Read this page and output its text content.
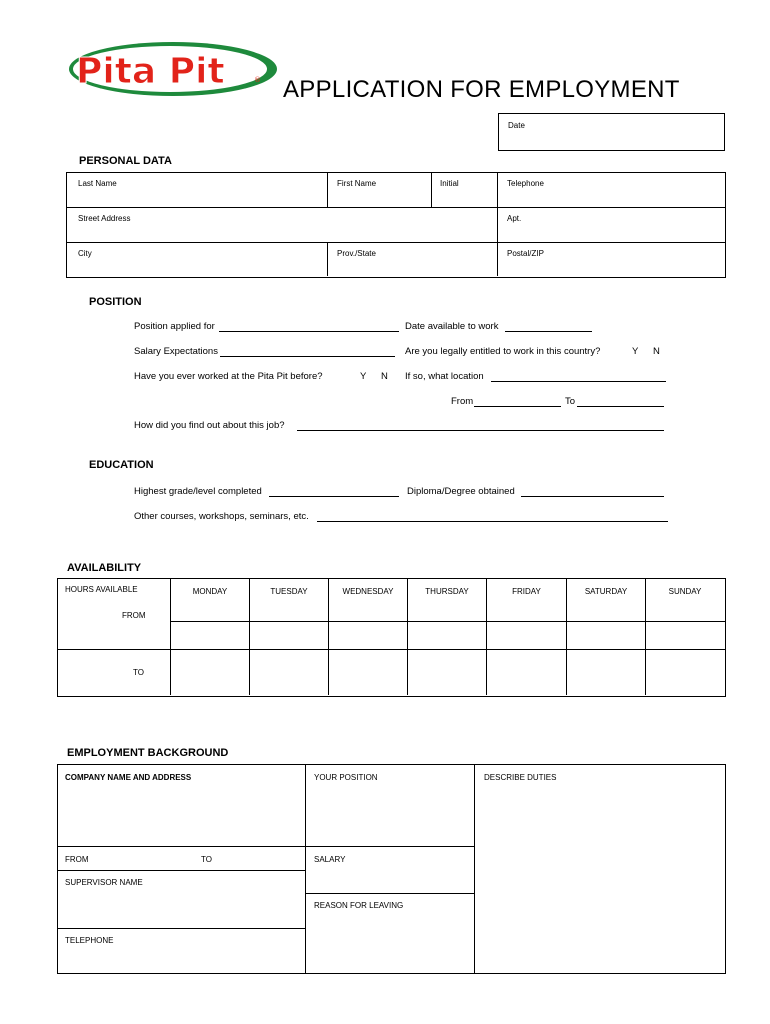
Pita Pit	® APPLICATION FOR EMPLOYMENT
Date
PERSONAL DATA
Last Name	First Name	Initial	Telephone
Street Address	Apt.
City	Prov./State	Postal/ZIP
POSITION
Position applied for	Date available to work
Salary Expectations	Are you legally entitled to work in this country?	Y N
Have you ever worked at the Pita Pit before?	Y N If so, what location
From	To
How did you find out about this job?
EDUCATION
Highest grade/level completed	Diploma/Degree obtained
Other courses, workshops, seminars, etc.
AVAILABILITY
HOURS AVAILABLE	MONDAY	TUESDAY	WEDNESDAY	THURSDAY	FRIDAY	SATURDAY	SUNDAY
FROM
TO
EMPLOYMENT BACKGROUND
COMPANY NAME AND ADDRESS	YOUR POSITION	DESCRIBE DUTIES
FROM	TO	SALARY
SUPERVISOR NAME
REASON FOR LEAVING
TELEPHONE
